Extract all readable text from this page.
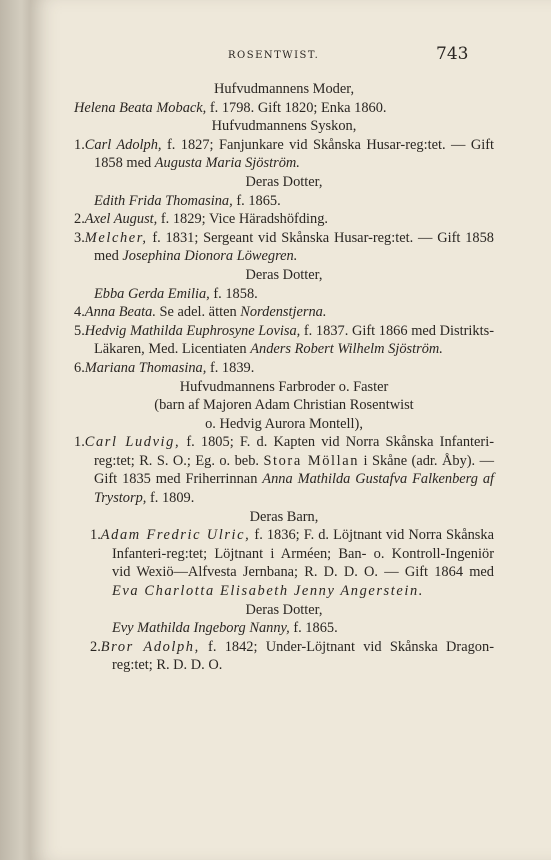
ROSENTWIST.	743

Hufvudmannens Moder,

Helena Beata Moback, f. 1798. Gift 1820; Enka 1860.

Hufvudmannens Syskon,

1.Carl Adolph, f. 1827; Fanjunkare vid Skånska Husar-reg:tet. — Gift 1858 med Augusta Maria Sjöström.

Deras Dotter,

Edith Frida Thomasina, f. 1865.

2.Axel August, f. 1829; Vice Häradshöfding.

3.Melcher, f. 1831; Sergeant vid Skånska Husar-reg:tet. — Gift 1858 med Josephina Dionora Löwegren.

Deras Dotter,

Ebba Gerda Emilia, f. 1858.

4.Anna Beata. Se adel. ätten Nordenstjerna.

5.Hedvig Mathilda Euphrosyne Lovisa, f. 1837. Gift 1866 med Distrikts-Läkaren, Med. Licentiaten Anders Robert Wilhelm Sjöström.

6.Mariana Thomasina, f. 1839.

Hufvudmannens Farbroder o. Faster

(barn af Majoren Adam Christian Rosentwist

o. Hedvig Aurora Montell),

1.Carl Ludvig, f. 1805; F. d. Kapten vid Norra Skånska Infanteri-reg:tet; R. S. O.; Eg. o. beb. Stora Möllan i Skåne (adr. Åby). — Gift 1835 med Friherrinnan Anna Mathilda Gustafva Falkenberg af Trystorp, f. 1809.

Deras Barn,

1.Adam Fredric Ulric, f. 1836; F. d. Löjtnant vid Norra Skånska Infanteri-reg:tet; Löjtnant i Arméen; Ban- o. Kontroll-Ingeniör vid Wexiö—Alfvesta Jernbana; R. D. D. O. — Gift 1864 med Eva Charlotta Elisabeth Jenny Angerstein.

Deras Dotter,

Evy Mathilda Ingeborg Nanny, f. 1865.

2.Bror Adolph, f. 1842; Under-Löjtnant vid Skånska Dragon-reg:tet; R. D. D. O.
